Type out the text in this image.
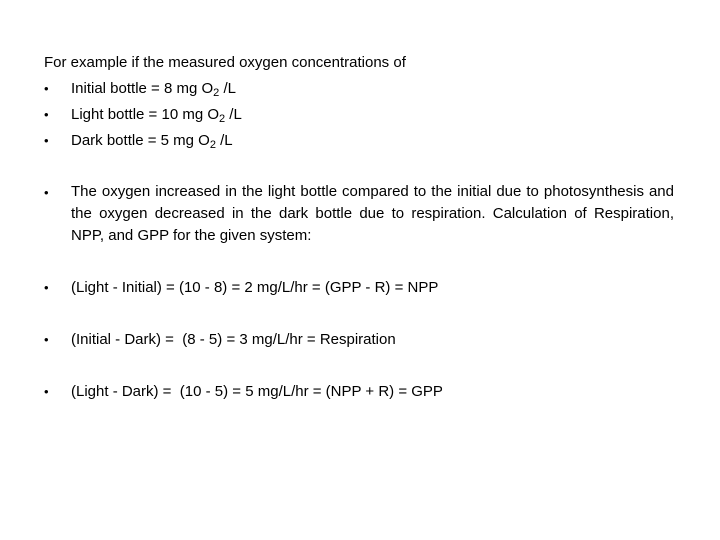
For example if the measured oxygen concentrations of
•	Initial bottle = 8 mg $O_2$ /L
•	Light bottle = 10 mg $O_2$ /L
•	Dark bottle = 5 mg $O_2$ /L
•	The oxygen increased in the light bottle compared to the initial due to photosynthesis and the oxygen decreased in the dark bottle due to respiration. Calculation of Respiration, NPP, and GPP for the given system:
•	(Light - Initial) = (10 - 8) = 2 mg/L/hr = (GPP - R) = NPP
•	(Initial - Dark) =  (8 - 5) = 3 mg/L/hr = Respiration
•	(Light - Dark) =  (10 - 5) = 5 mg/L/hr = (NPP + R) = GPP
